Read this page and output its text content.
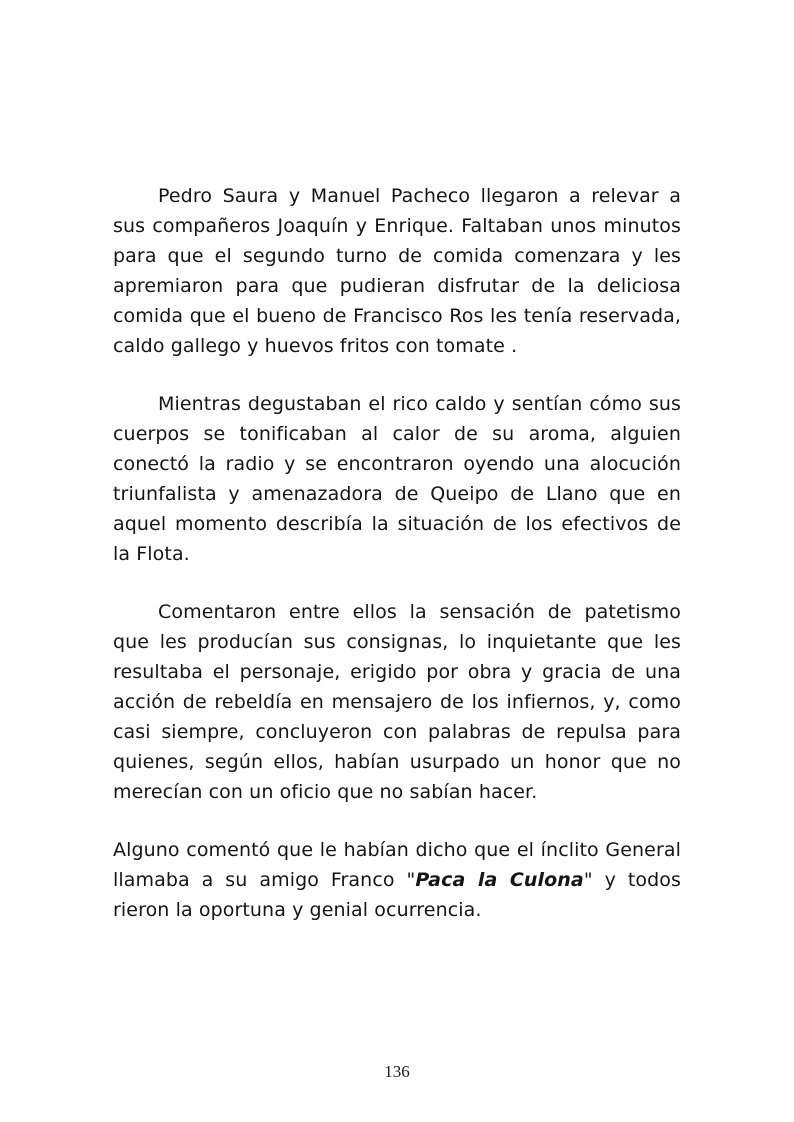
Pedro Saura y Manuel Pacheco llegaron a relevar a sus compañeros Joaquín y Enrique. Faltaban unos minutos para que el segundo turno de comida comenzara y les apremiaron para que pudieran disfrutar de la deliciosa comida que el bueno de Francisco Ros les tenía reservada, caldo gallego y huevos fritos con tomate .

Mientras degustaban el rico caldo y sentían cómo sus cuerpos se tonificaban al calor de su aroma, alguien conectó la radio y se encontraron oyendo una alocución triunfalista y amenazadora de Queipo de Llano que en aquel momento describía la situación de los efectivos de la Flota.

Comentaron entre ellos la sensación de patetismo que les producían sus consignas, lo inquietante que les resultaba el personaje, erigido por obra y gracia de una acción de rebeldía en mensajero de los infiernos, y, como casi siempre, concluyeron con palabras de repulsa para quienes, según ellos, habían usurpado un honor que no merecían con un oficio que no sabían hacer.

Alguno comentó que le habían dicho que el ínclito General llamaba a su amigo Franco "Paca la Culona" y todos rieron la oportuna y genial ocurrencia.

136
